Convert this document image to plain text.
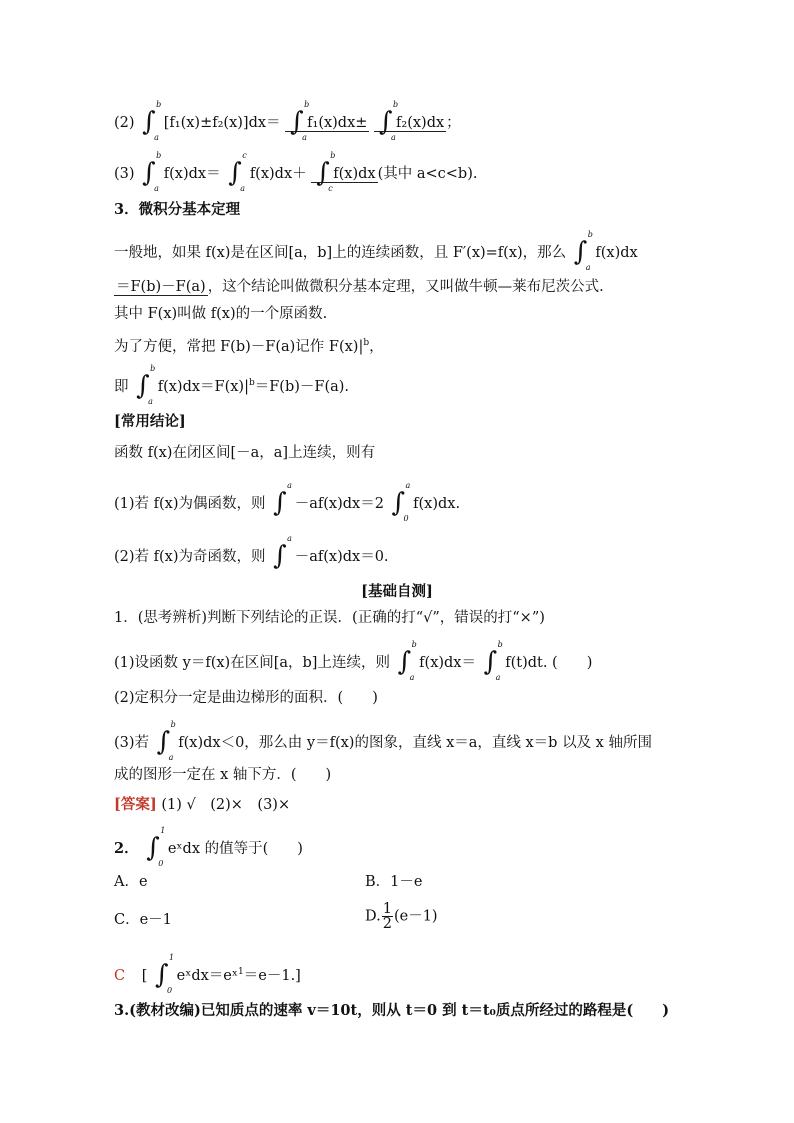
(2) ∫
b
a
[f₁(x)±f₂(x)]dx＝ ∫
b
a
f₁(x)dx± ∫
b
a
f₂(x)dx ；
(3) ∫
b
a
f(x)dx＝ ∫
c
a
f(x)dx＋ ∫
b
c
f(x)dx (其中 a<c<b).
3．微积分基本定理
一般地，如果 f(x)是在区间[a，b]上的连续函数，且 F′(x)=f(x)，那么 ∫
b
a
f(x)dx
＝F(b)－F(a) ，这个结论叫做微积分基本定理，又叫做牛顿—莱布尼茨公式.
其中 F(x)叫做 f(x)的一个原函数.
为了方便，常把 F(b)－F(a)记作 $F(x)|^b$，
即 ∫
b
a
$f(x)dx=F(x)|^b=F(b)-F(a)$.
[常用结论]
函数 f(x)在闭区间[－a，a]上连续，则有
(1)若 f(x)为偶函数，则 ∫
a
－af(x)dx＝2 ∫
a
0
f(x)dx.
(2)若 f(x)为奇函数，则 ∫
a
－af(x)dx＝0.
[基础自测]
1．(思考辨析)判断下列结论的正误．(正确的打“√”，错误的打“×”)
(1)设函数 y＝f(x)在区间[a，b]上连续，则 ∫
b
a
f(x)dx＝ ∫
b
a
f(t)dt. (　　)
(2)定积分一定是曲边梯形的面积．(　　)
(3)若 ∫
b
a
f(x)dx＜0，那么由 y＝f(x)的图象，直线 x＝a，直线 x＝b 以及 x 轴所围
成的图形一定在 x 轴下方．(　　)
[答案] (1) √　(2)×　(3)×
2． ∫
1
0
eˣdx 的值等于(　　)
A．e	B．1－e
C．e－1	D. $\frac{1}{2} (e-1)$
C [ ∫
1
0
eˣdx＝eˣ$^1$＝e－1.]
3.(教材改编)已知质点的速率 v＝10t，则从 t＝0 到 t＝t₀质点所经过的路程是(　　)
